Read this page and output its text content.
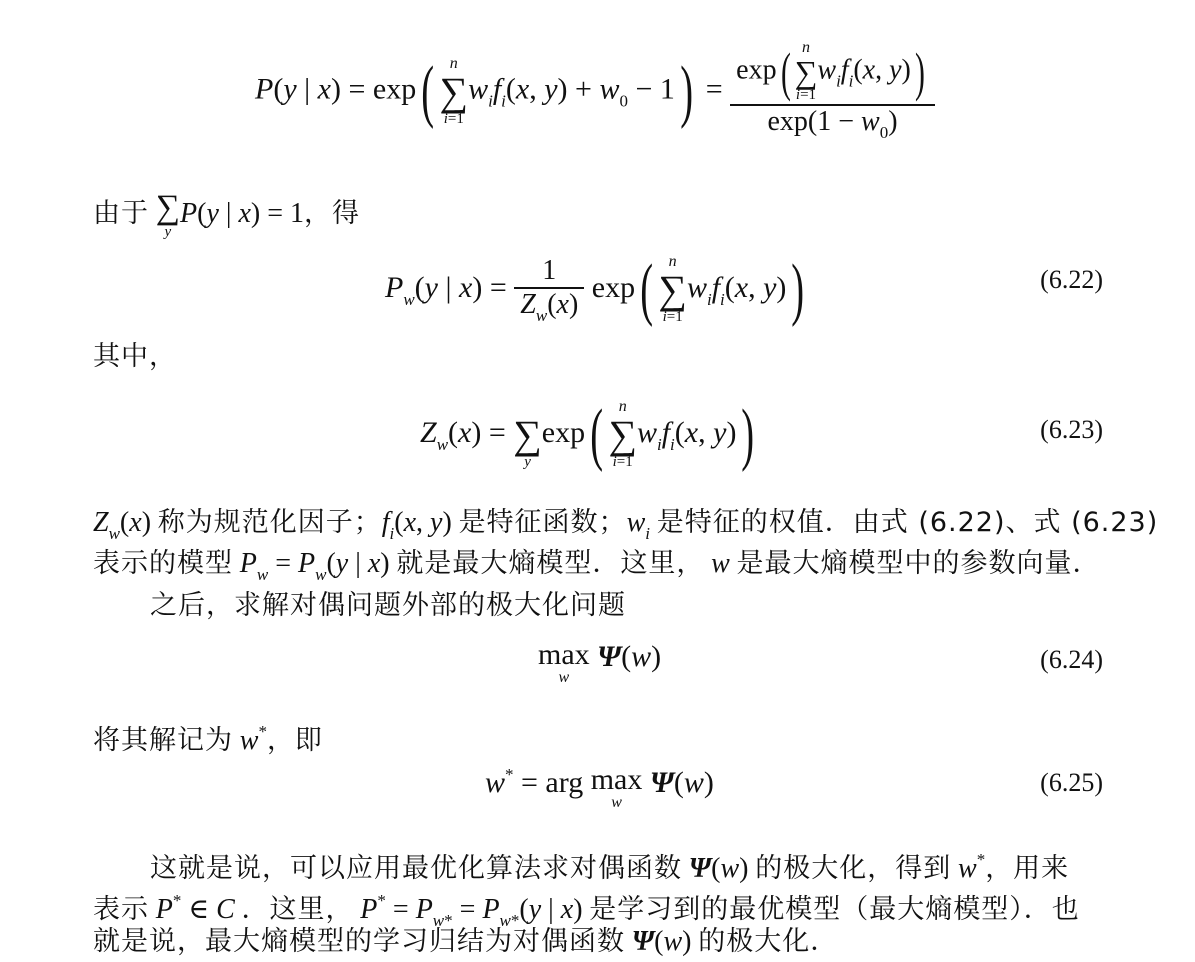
P(y | x) = exp( n
∑
i=1
$w_if_i(x$, $y) + w_0 - 1) = \exp$( n
∑
i=1
$w_if_i(x$, y))
$\exp(1 - w_0)$
由于 ∑
y
P(y | x) = 1，得
$P_w(y$ | $x) = \frac{1}{Z_w(x)} \exp$( n
∑
i=1
$w_if_i(x$, y))	(6.22)
其中，
$Z_w(x)$ = ∑
y
exp( n
∑
i=1
$w_if_i(x$, y))	(6.23)
$Z_w(x)$ 称为规范化因子；$f_i(x$, y) 是特征函数；$w_i$ 是特征的权值．由式 (6.22)、式 (6.23)
表示的模型 $P_w = P_w(y$ | x) 就是最大熵模型．这里， w 是最大熵模型中的参数向量．
之后，求解对偶问题外部的极大化问题
max
w
Ψ(w)	(6.24)
将其解记为 w*，即
w* = arg max
w
Ψ(w)	(6.25)
这就是说，可以应用最优化算法求对偶函数 Ψ(w) 的极大化，得到 w*，用来
表示 P* ∈ C ．这里， $P^* = P_{w*} = P_{w*}(y$ | x) 是学习到的最优模型（最大熵模型）．也
就是说，最大熵模型的学习归结为对偶函数 Ψ(w) 的极大化．
